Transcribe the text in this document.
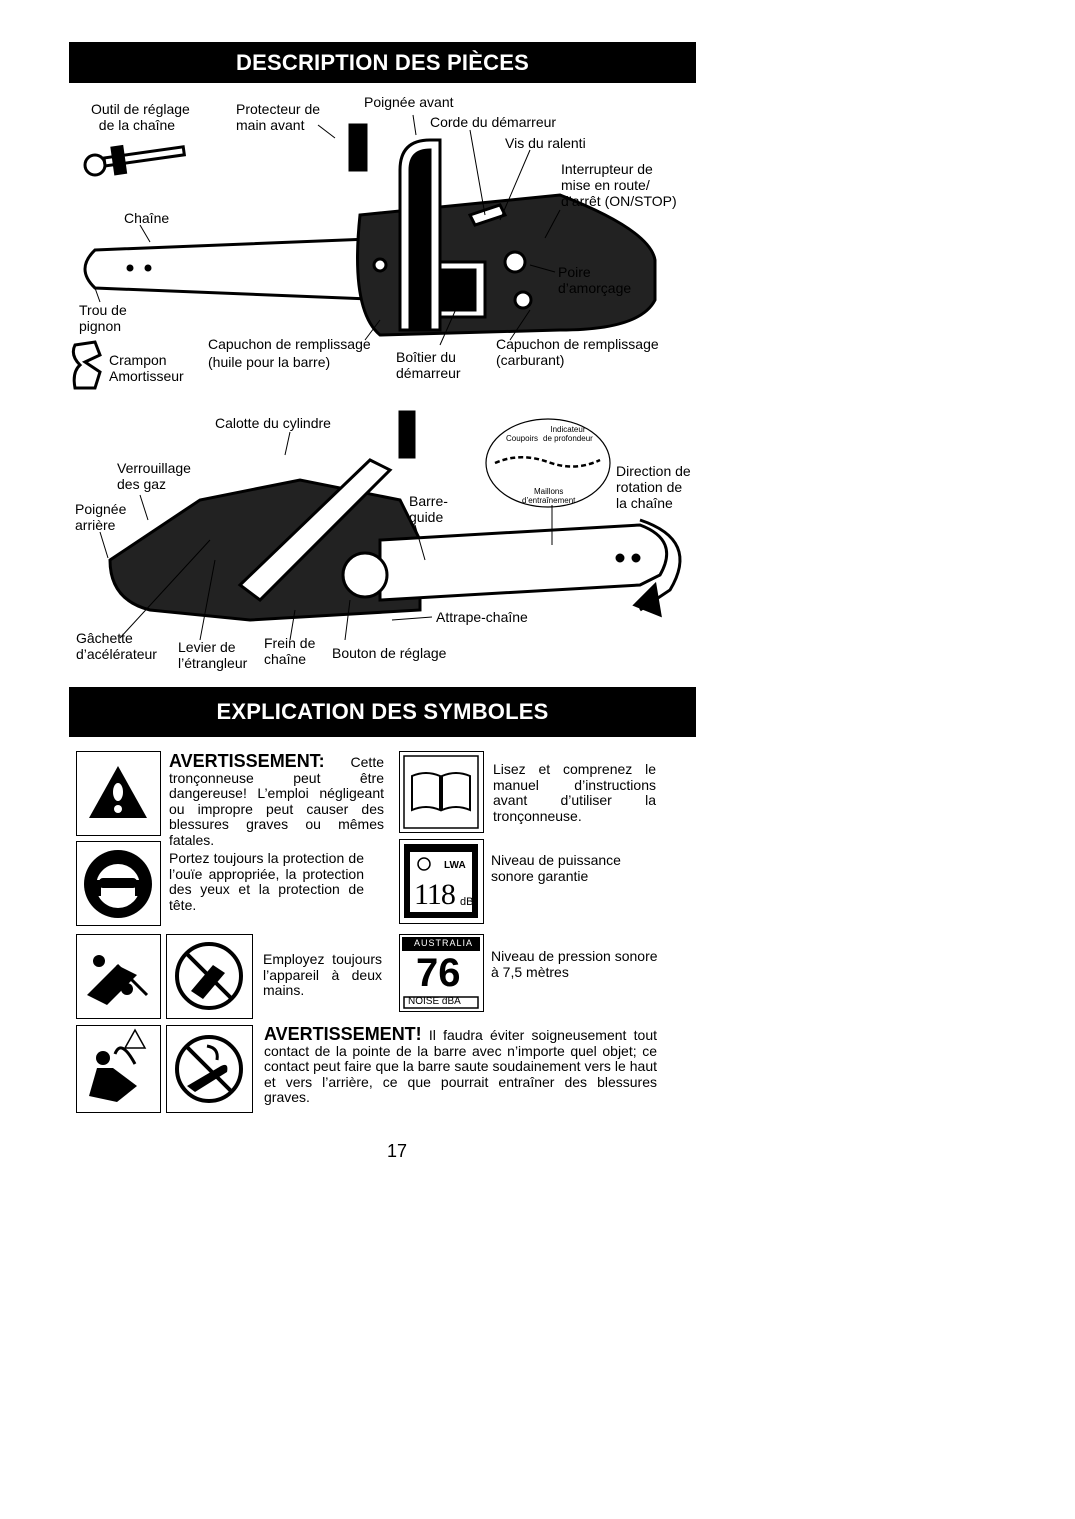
DESCRIPTION DES PIÈCES
Outil de réglage
de la chaîne
Protecteur de
main avant
Poignée avant
Corde du démarreur
Vis du ralenti
Interrupteur de
mise en route/
d’arrêt (ON/STOP)
Chaîne
Poire
d’amorçage
Trou de
pignon
Capuchon de remplissage
(huile pour la barre)	Boîtier du
démarreur
Capuchon de remplissage
(carburant)
Crampon
Amortisseur
Calotte du cylindre
Verrouillage
des gaz
Poignée
arrière
Barre-
guide
Direction de
rotation de
la chaîne
Indicateur
de profondeur
Coupoirs
Maillons
d’entraînement
Attrape-chaîne
Gâchette
d’acélérateur Levier de
l’étrangleur
Frein de
chaîne	Bouton de réglage
EXPLICATION DES SYMBOLES
AVERTISSEMENT: Cette tronçonneuse peut être dangereuse! L’emploi négligeant ou impropre peut causer des blessures graves ou mêmes fatales.
Lisez et comprenez le manuel d’instructions avant d’utiliser la tronçonneuse.
Portez toujours la protection de l’ouïe appropriée, la protection des yeux et la protection de tête.
LWA
118 dB
Niveau de puissance sonore garantie
Employez toujours l’appareil à deux mains.
AUSTRALIA
76
NOISE dBA
Niveau de pression sonore à 7,5 mètres
AVERTISSEMENT! Il faudra éviter soigneusement tout contact de la pointe de la barre avec n’importe quel objet; ce contact peut faire que la barre saute soudainement vers le haut et vers l’arrière, ce que pourrait entraîner des blessures graves.
17
